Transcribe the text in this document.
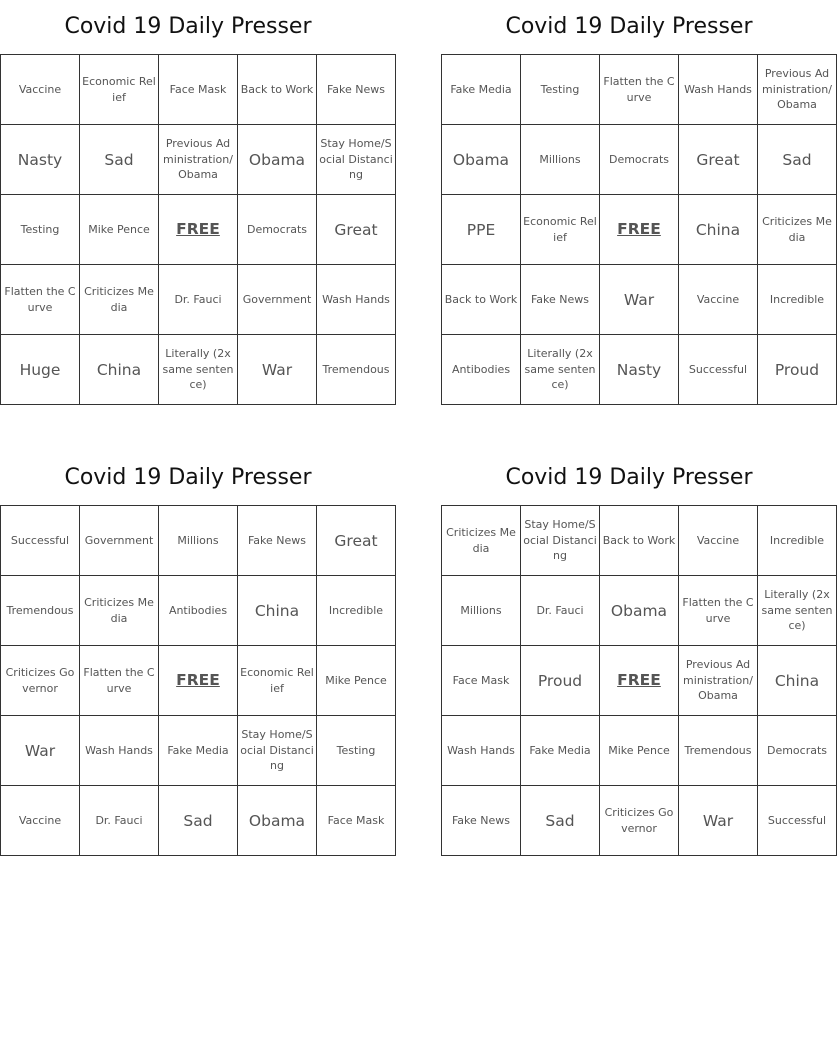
Covid 19 Daily Presser
Vaccine	Economic Relief	Face Mask	Back to Work	Fake News
Nasty	Sad	Previous Administration/Obama	Obama	Stay Home/Social Distancing
Testing	Mike Pence	FREE	Democrats	Great
Flatten the Curve	Criticizes Media	Dr. Fauci	Government	Wash Hands
Huge	China	Literally (2x same sentence)	War	Tremendous
Covid 19 Daily Presser
Fake Media	Testing	Flatten the Curve	Wash Hands	Previous Administration/Obama
Obama	Millions	Democrats	Great	Sad
PPE	Economic Relief	FREE	China	Criticizes Media
Back to Work	Fake News	War	Vaccine	Incredible
Antibodies	Literally (2x same sentence)	Nasty	Successful	Proud
Covid 19 Daily Presser
Successful	Government	Millions	Fake News	Great
Tremendous	Criticizes Media	Antibodies	China	Incredible
Criticizes Governor	Flatten the Curve	FREE	Economic Relief	Mike Pence
War	Wash Hands	Fake Media	Stay Home/Social Distancing	Testing
Vaccine	Dr. Fauci	Sad	Obama	Face Mask
Covid 19 Daily Presser
Criticizes Media	Stay Home/Social Distancing	Back to Work	Vaccine	Incredible
Millions	Dr. Fauci	Obama	Flatten the Curve	Literally (2x same sentence)
Face Mask	Proud	FREE	Previous Administration/Obama	China
Wash Hands	Fake Media	Mike Pence	Tremendous	Democrats
Fake News	Sad	Criticizes Governor	War	Successful
